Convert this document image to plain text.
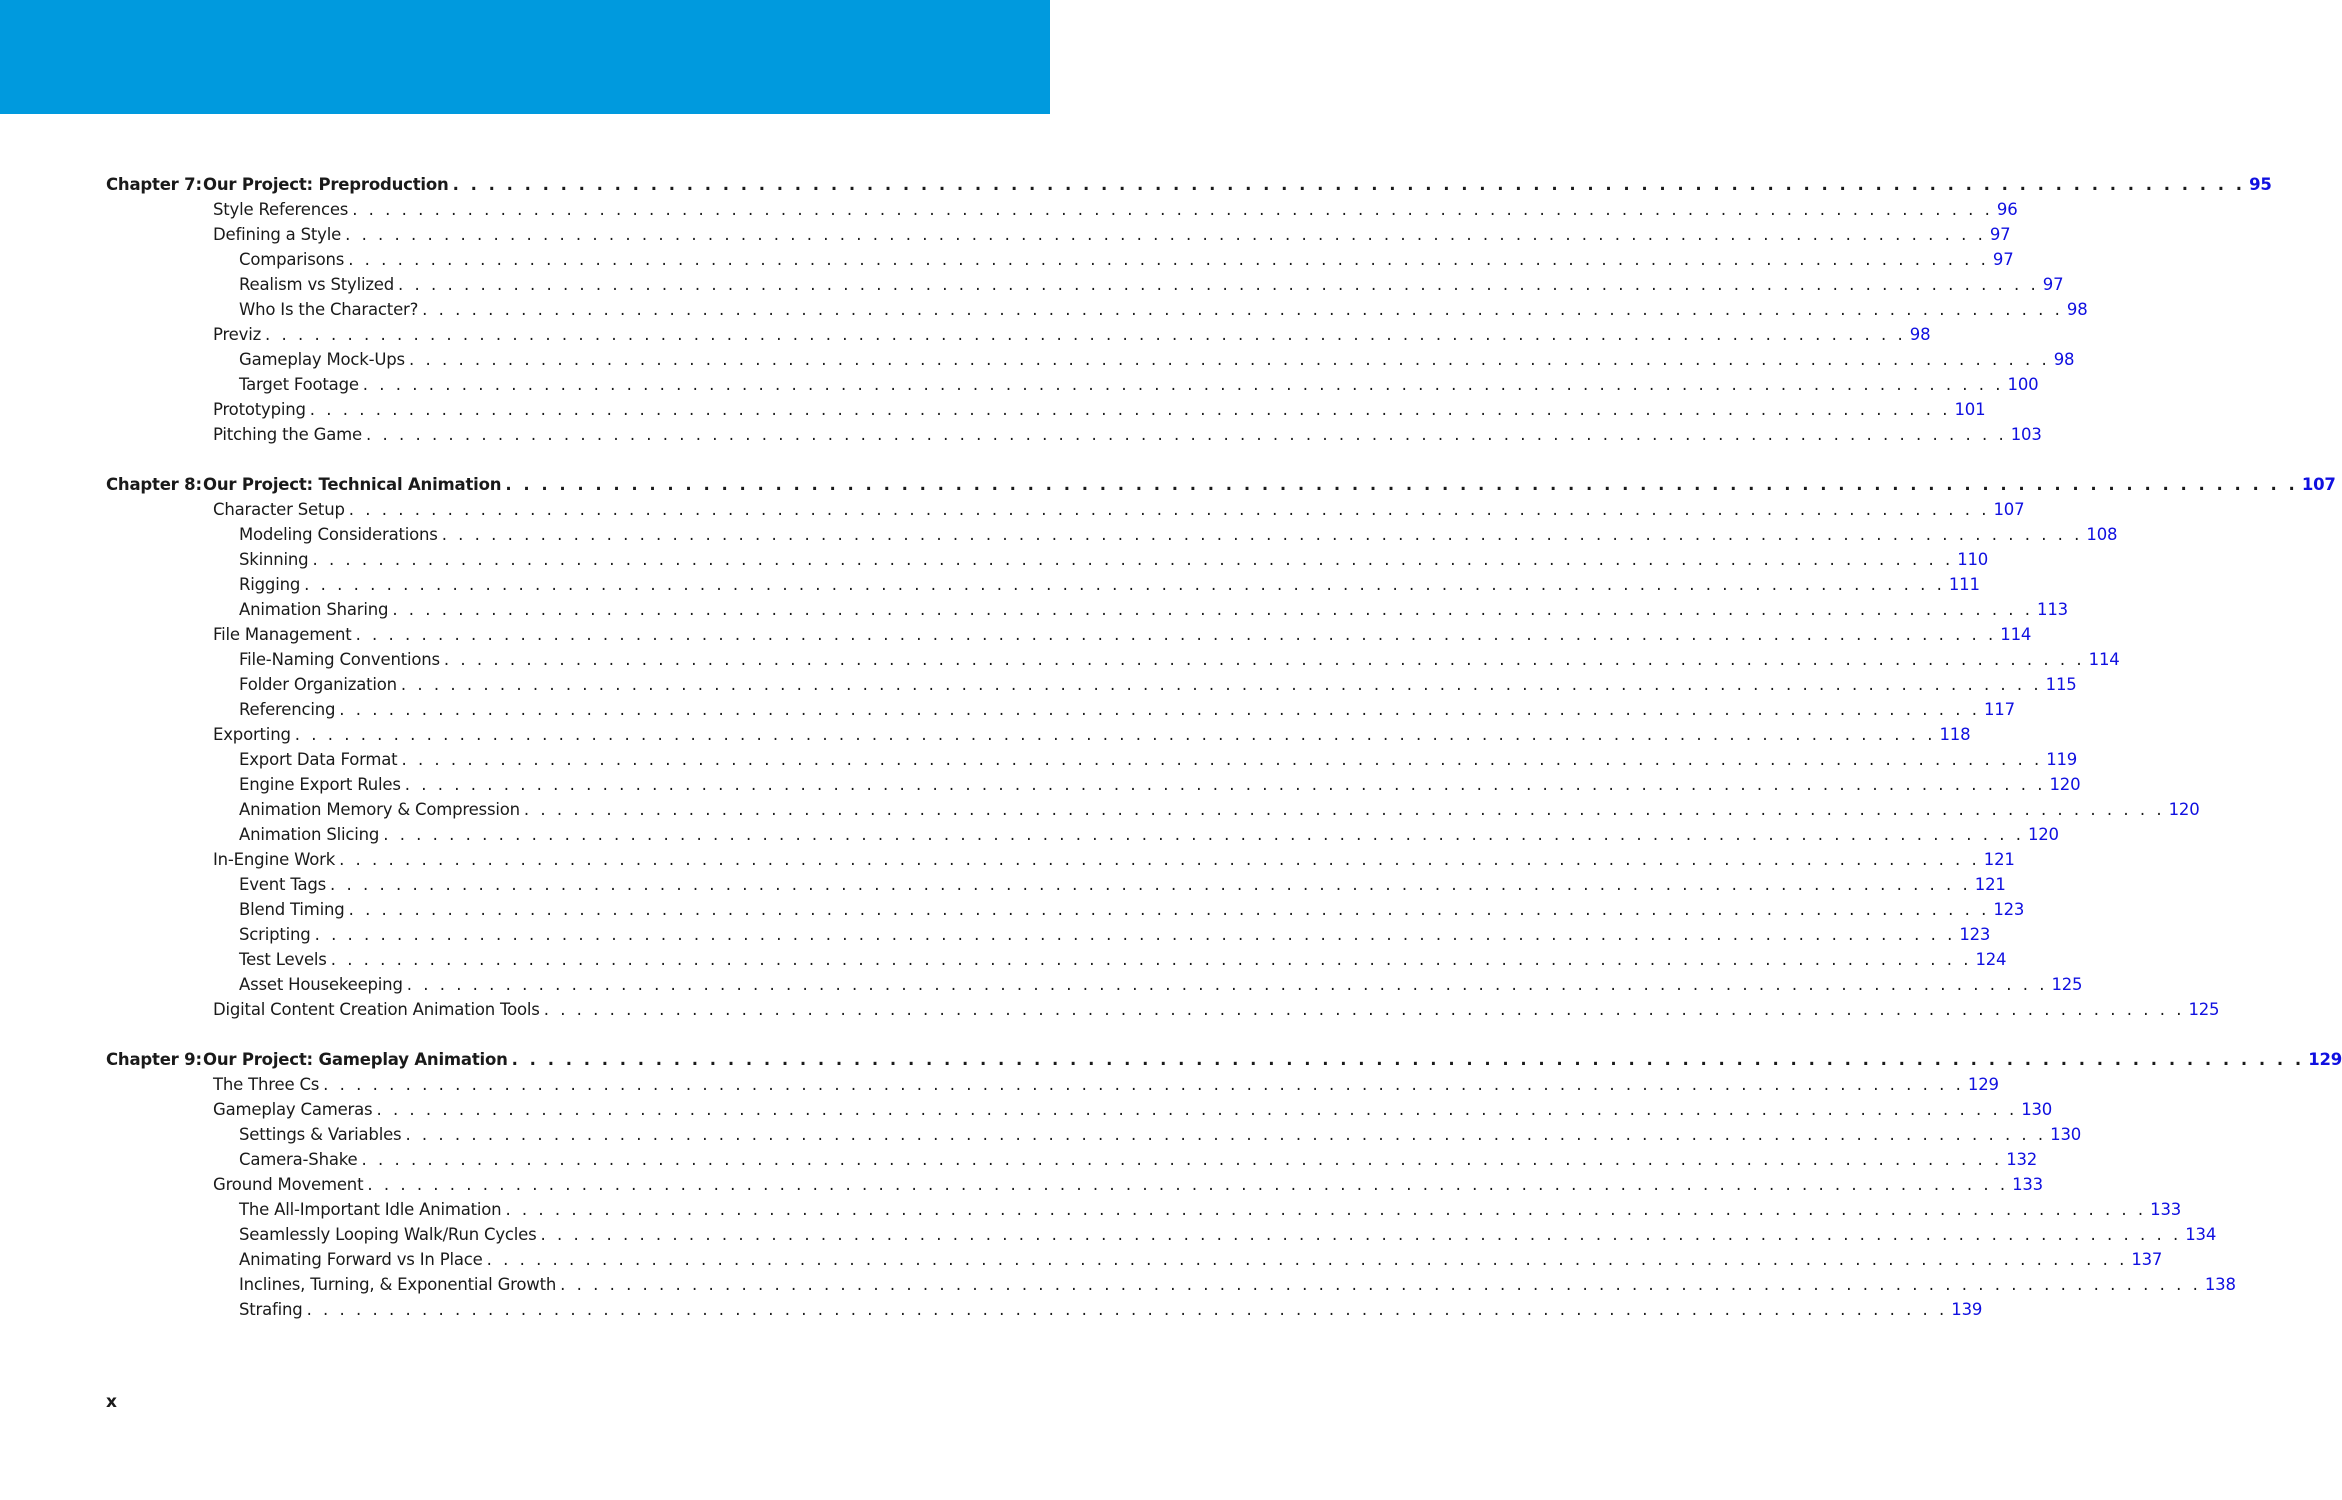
Chapter 7: Our Project: Preproduction . . . . . . . . . . . . . . . . . . . . . . . . . . . . . . . . . . . . . . . . . . . . . . . . . . . . . . . . . . . . . . . . . . . . . . . . . . . . . . . . . . . . . . . . . . . . . . . . . . . . 95
Style References . . . . . . . . . . . . . . . . . . . . . . . . . . . . . . . . . . . . . . . . . . . . . . . . . . . . . . . . . . . . . . . . . . . . . . . . . . . . . . . . . . . . . . . . . . . . . . . . . . . . 96
Defining a Style . . . . . . . . . . . . . . . . . . . . . . . . . . . . . . . . . . . . . . . . . . . . . . . . . . . . . . . . . . . . . . . . . . . . . . . . . . . . . . . . . . . . . . . . . . . . . . . . . . . . 97
Comparisons . . . . . . . . . . . . . . . . . . . . . . . . . . . . . . . . . . . . . . . . . . . . . . . . . . . . . . . . . . . . . . . . . . . . . . . . . . . . . . . . . . . . . . . . . . . . . . . . . . . . 97
Realism vs Stylized . . . . . . . . . . . . . . . . . . . . . . . . . . . . . . . . . . . . . . . . . . . . . . . . . . . . . . . . . . . . . . . . . . . . . . . . . . . . . . . . . . . . . . . . . . . . . . . . . . . . 97
Who Is the Character? . . . . . . . . . . . . . . . . . . . . . . . . . . . . . . . . . . . . . . . . . . . . . . . . . . . . . . . . . . . . . . . . . . . . . . . . . . . . . . . . . . . . . . . . . . . . . . . . . . . . 98
Previz . . . . . . . . . . . . . . . . . . . . . . . . . . . . . . . . . . . . . . . . . . . . . . . . . . . . . . . . . . . . . . . . . . . . . . . . . . . . . . . . . . . . . . . . . . . . . . . . . . . . 98
Gameplay Mock-Ups . . . . . . . . . . . . . . . . . . . . . . . . . . . . . . . . . . . . . . . . . . . . . . . . . . . . . . . . . . . . . . . . . . . . . . . . . . . . . . . . . . . . . . . . . . . . . . . . . . . . 98
Target Footage . . . . . . . . . . . . . . . . . . . . . . . . . . . . . . . . . . . . . . . . . . . . . . . . . . . . . . . . . . . . . . . . . . . . . . . . . . . . . . . . . . . . . . . . . . . . . . . . . . . . 100
Prototyping . . . . . . . . . . . . . . . . . . . . . . . . . . . . . . . . . . . . . . . . . . . . . . . . . . . . . . . . . . . . . . . . . . . . . . . . . . . . . . . . . . . . . . . . . . . . . . . . . . . . 101
Pitching the Game . . . . . . . . . . . . . . . . . . . . . . . . . . . . . . . . . . . . . . . . . . . . . . . . . . . . . . . . . . . . . . . . . . . . . . . . . . . . . . . . . . . . . . . . . . . . . . . . . . . . 103
Chapter 8: Our Project: Technical Animation . . . . . . . . . . . . . . . . . . . . . . . . . . . . . . . . . . . . . . . . . . . . . . . . . . . . . . . . . . . . . . . . . . . . . . . . . . . . . . . . . . . . . . . . . . . . . . . . . . . . 107
Character Setup . . . . . . . . . . . . . . . . . . . . . . . . . . . . . . . . . . . . . . . . . . . . . . . . . . . . . . . . . . . . . . . . . . . . . . . . . . . . . . . . . . . . . . . . . . . . . . . . . . . . 107
Modeling Considerations . . . . . . . . . . . . . . . . . . . . . . . . . . . . . . . . . . . . . . . . . . . . . . . . . . . . . . . . . . . . . . . . . . . . . . . . . . . . . . . . . . . . . . . . . . . . . . . . . . . . 108
Skinning . . . . . . . . . . . . . . . . . . . . . . . . . . . . . . . . . . . . . . . . . . . . . . . . . . . . . . . . . . . . . . . . . . . . . . . . . . . . . . . . . . . . . . . . . . . . . . . . . . . . 110
Rigging . . . . . . . . . . . . . . . . . . . . . . . . . . . . . . . . . . . . . . . . . . . . . . . . . . . . . . . . . . . . . . . . . . . . . . . . . . . . . . . . . . . . . . . . . . . . . . . . . . . . 111
Animation Sharing . . . . . . . . . . . . . . . . . . . . . . . . . . . . . . . . . . . . . . . . . . . . . . . . . . . . . . . . . . . . . . . . . . . . . . . . . . . . . . . . . . . . . . . . . . . . . . . . . . . . 113
File Management . . . . . . . . . . . . . . . . . . . . . . . . . . . . . . . . . . . . . . . . . . . . . . . . . . . . . . . . . . . . . . . . . . . . . . . . . . . . . . . . . . . . . . . . . . . . . . . . . . . . 114
File-Naming Conventions . . . . . . . . . . . . . . . . . . . . . . . . . . . . . . . . . . . . . . . . . . . . . . . . . . . . . . . . . . . . . . . . . . . . . . . . . . . . . . . . . . . . . . . . . . . . . . . . . . . . 114
Folder Organization . . . . . . . . . . . . . . . . . . . . . . . . . . . . . . . . . . . . . . . . . . . . . . . . . . . . . . . . . . . . . . . . . . . . . . . . . . . . . . . . . . . . . . . . . . . . . . . . . . . . 115
Referencing . . . . . . . . . . . . . . . . . . . . . . . . . . . . . . . . . . . . . . . . . . . . . . . . . . . . . . . . . . . . . . . . . . . . . . . . . . . . . . . . . . . . . . . . . . . . . . . . . . . . 117
Exporting . . . . . . . . . . . . . . . . . . . . . . . . . . . . . . . . . . . . . . . . . . . . . . . . . . . . . . . . . . . . . . . . . . . . . . . . . . . . . . . . . . . . . . . . . . . . . . . . . . . . 118
Export Data Format . . . . . . . . . . . . . . . . . . . . . . . . . . . . . . . . . . . . . . . . . . . . . . . . . . . . . . . . . . . . . . . . . . . . . . . . . . . . . . . . . . . . . . . . . . . . . . . . . . . . 119
Engine Export Rules . . . . . . . . . . . . . . . . . . . . . . . . . . . . . . . . . . . . . . . . . . . . . . . . . . . . . . . . . . . . . . . . . . . . . . . . . . . . . . . . . . . . . . . . . . . . . . . . . . . . 120
Animation Memory & Compression . . . . . . . . . . . . . . . . . . . . . . . . . . . . . . . . . . . . . . . . . . . . . . . . . . . . . . . . . . . . . . . . . . . . . . . . . . . . . . . . . . . . . . . . . . . . . . . . . . . . 120
Animation Slicing . . . . . . . . . . . . . . . . . . . . . . . . . . . . . . . . . . . . . . . . . . . . . . . . . . . . . . . . . . . . . . . . . . . . . . . . . . . . . . . . . . . . . . . . . . . . . . . . . . . . 120
In-Engine Work . . . . . . . . . . . . . . . . . . . . . . . . . . . . . . . . . . . . . . . . . . . . . . . . . . . . . . . . . . . . . . . . . . . . . . . . . . . . . . . . . . . . . . . . . . . . . . . . . . . . 121
Event Tags . . . . . . . . . . . . . . . . . . . . . . . . . . . . . . . . . . . . . . . . . . . . . . . . . . . . . . . . . . . . . . . . . . . . . . . . . . . . . . . . . . . . . . . . . . . . . . . . . . . . 121
Blend Timing . . . . . . . . . . . . . . . . . . . . . . . . . . . . . . . . . . . . . . . . . . . . . . . . . . . . . . . . . . . . . . . . . . . . . . . . . . . . . . . . . . . . . . . . . . . . . . . . . . . . 123
Scripting . . . . . . . . . . . . . . . . . . . . . . . . . . . . . . . . . . . . . . . . . . . . . . . . . . . . . . . . . . . . . . . . . . . . . . . . . . . . . . . . . . . . . . . . . . . . . . . . . . . . 123
Test Levels . . . . . . . . . . . . . . . . . . . . . . . . . . . . . . . . . . . . . . . . . . . . . . . . . . . . . . . . . . . . . . . . . . . . . . . . . . . . . . . . . . . . . . . . . . . . . . . . . . . . 124
Asset Housekeeping . . . . . . . . . . . . . . . . . . . . . . . . . . . . . . . . . . . . . . . . . . . . . . . . . . . . . . . . . . . . . . . . . . . . . . . . . . . . . . . . . . . . . . . . . . . . . . . . . . . . 125
Digital Content Creation Animation Tools . . . . . . . . . . . . . . . . . . . . . . . . . . . . . . . . . . . . . . . . . . . . . . . . . . . . . . . . . . . . . . . . . . . . . . . . . . . . . . . . . . . . . . . . . . . . . . . . . . . . 125
Chapter 9: Our Project: Gameplay Animation . . . . . . . . . . . . . . . . . . . . . . . . . . . . . . . . . . . . . . . . . . . . . . . . . . . . . . . . . . . . . . . . . . . . . . . . . . . . . . . . . . . . . . . . . . . . . . . . . . . . 129
The Three Cs . . . . . . . . . . . . . . . . . . . . . . . . . . . . . . . . . . . . . . . . . . . . . . . . . . . . . . . . . . . . . . . . . . . . . . . . . . . . . . . . . . . . . . . . . . . . . . . . . . . . 129
Gameplay Cameras . . . . . . . . . . . . . . . . . . . . . . . . . . . . . . . . . . . . . . . . . . . . . . . . . . . . . . . . . . . . . . . . . . . . . . . . . . . . . . . . . . . . . . . . . . . . . . . . . . . . 130
Settings & Variables . . . . . . . . . . . . . . . . . . . . . . . . . . . . . . . . . . . . . . . . . . . . . . . . . . . . . . . . . . . . . . . . . . . . . . . . . . . . . . . . . . . . . . . . . . . . . . . . . . . . 130
Camera-Shake . . . . . . . . . . . . . . . . . . . . . . . . . . . . . . . . . . . . . . . . . . . . . . . . . . . . . . . . . . . . . . . . . . . . . . . . . . . . . . . . . . . . . . . . . . . . . . . . . . . . 132
Ground Movement . . . . . . . . . . . . . . . . . . . . . . . . . . . . . . . . . . . . . . . . . . . . . . . . . . . . . . . . . . . . . . . . . . . . . . . . . . . . . . . . . . . . . . . . . . . . . . . . . . . . 133
The All-Important Idle Animation . . . . . . . . . . . . . . . . . . . . . . . . . . . . . . . . . . . . . . . . . . . . . . . . . . . . . . . . . . . . . . . . . . . . . . . . . . . . . . . . . . . . . . . . . . . . . . . . . . . . 133
Seamlessly Looping Walk/Run Cycles . . . . . . . . . . . . . . . . . . . . . . . . . . . . . . . . . . . . . . . . . . . . . . . . . . . . . . . . . . . . . . . . . . . . . . . . . . . . . . . . . . . . . . . . . . . . . . . . . . . . 134
Animating Forward vs In Place . . . . . . . . . . . . . . . . . . . . . . . . . . . . . . . . . . . . . . . . . . . . . . . . . . . . . . . . . . . . . . . . . . . . . . . . . . . . . . . . . . . . . . . . . . . . . . . . . . . . 137
Inclines, Turning, & Exponential Growth . . . . . . . . . . . . . . . . . . . . . . . . . . . . . . . . . . . . . . . . . . . . . . . . . . . . . . . . . . . . . . . . . . . . . . . . . . . . . . . . . . . . . . . . . . . . . . . . . . . . 138
Strafing . . . . . . . . . . . . . . . . . . . . . . . . . . . . . . . . . . . . . . . . . . . . . . . . . . . . . . . . . . . . . . . . . . . . . . . . . . . . . . . . . . . . . . . . . . . . . . . . . . . . 139
x
